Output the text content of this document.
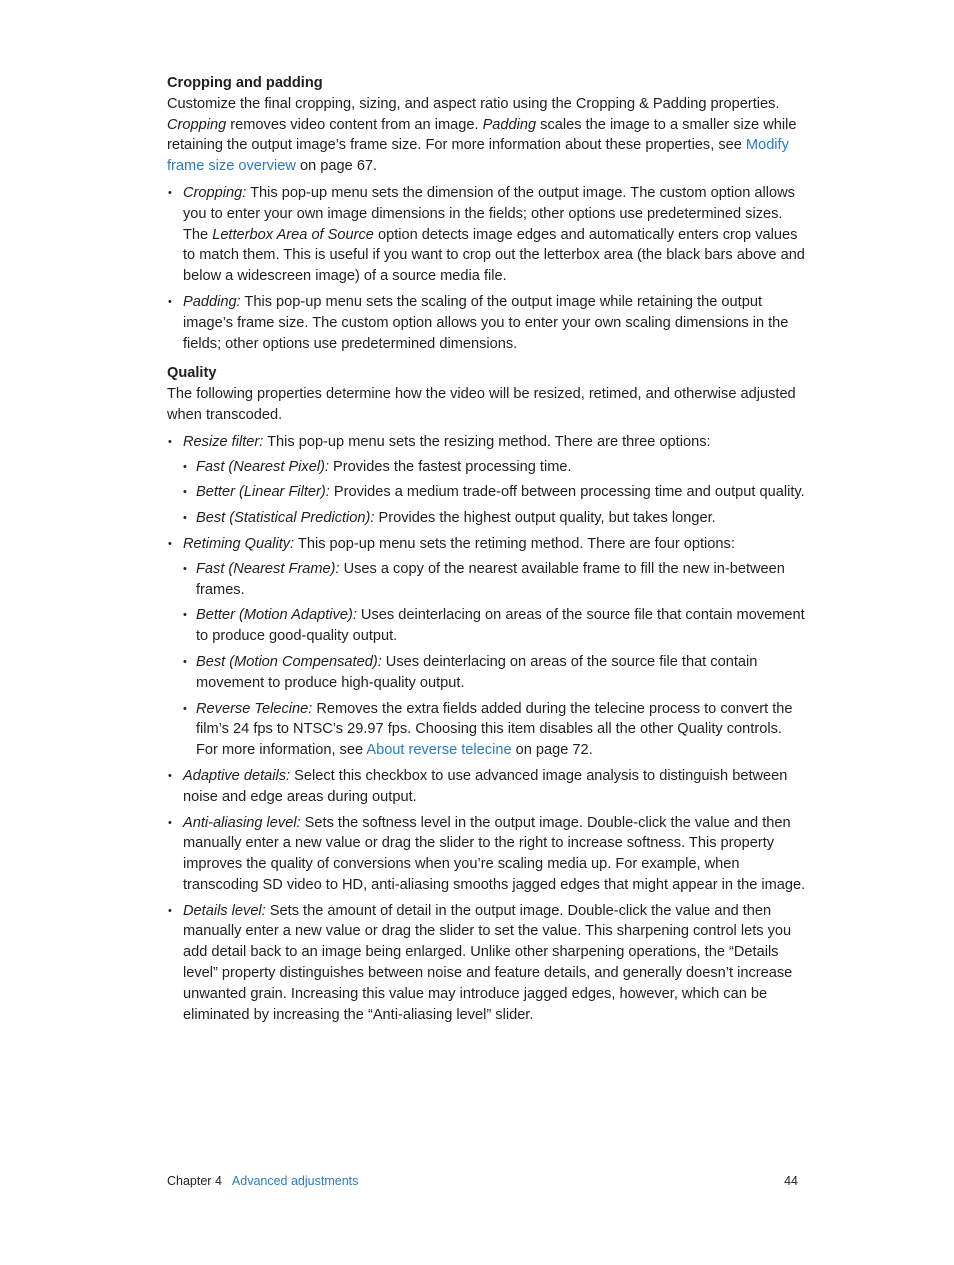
Cropping and padding

Customize the final cropping, sizing, and aspect ratio using the Cropping & Padding properties. Cropping removes video content from an image. Padding scales the image to a smaller size while retaining the output image’s frame size. For more information about these properties, see Modify frame size overview on page 67.

• Cropping: This pop-up menu sets the dimension of the output image. The custom option allows you to enter your own image dimensions in the fields; other options use predetermined sizes. The Letterbox Area of Source option detects image edges and automatically enters crop values to match them. This is useful if you want to crop out the letterbox area (the black bars above and below a widescreen image) of a source media file.
• Padding: This pop-up menu sets the scaling of the output image while retaining the output image’s frame size. The custom option allows you to enter your own scaling dimensions in the fields; other options use predetermined dimensions.
Quality

The following properties determine how the video will be resized, retimed, and otherwise adjusted when transcoded.

• Resize filter: This pop-up menu sets the resizing method. There are three options:
• Fast (Nearest Pixel): Provides the fastest processing time.
• Better (Linear Filter): Provides a medium trade-off between processing time and output quality.
• Best (Statistical Prediction): Provides the highest output quality, but takes longer.
• Retiming Quality: This pop-up menu sets the retiming method. There are four options:
• Fast (Nearest Frame): Uses a copy of the nearest available frame to fill the new in-between frames.
• Better (Motion Adaptive): Uses deinterlacing on areas of the source file that contain movement to produce good-quality output.
• Best (Motion Compensated): Uses deinterlacing on areas of the source file that contain movement to produce high-quality output.
• Reverse Telecine: Removes the extra fields added during the telecine process to convert the film’s 24 fps to NTSC’s 29.97 fps. Choosing this item disables all the other Quality controls. For more information, see About reverse telecine on page 72.
• Adaptive details: Select this checkbox to use advanced image analysis to distinguish between noise and edge areas during output.
• Anti-aliasing level: Sets the softness level in the output image. Double-click the value and then manually enter a new value or drag the slider to the right to increase softness. This property improves the quality of conversions when you’re scaling media up. For example, when transcoding SD video to HD, anti-aliasing smooths jagged edges that might appear in the image.
• Details level: Sets the amount of detail in the output image. Double-click the value and then manually enter a new value or drag the slider to set the value. This sharpening control lets you add detail back to an image being enlarged. Unlike other sharpening operations, the “Details level” property distinguishes between noise and feature details, and generally doesn’t increase unwanted grain. Increasing this value may introduce jagged edges, however, which can be eliminated by increasing the “Anti-aliasing level” slider.
Chapter 4 Advanced adjustments	44
